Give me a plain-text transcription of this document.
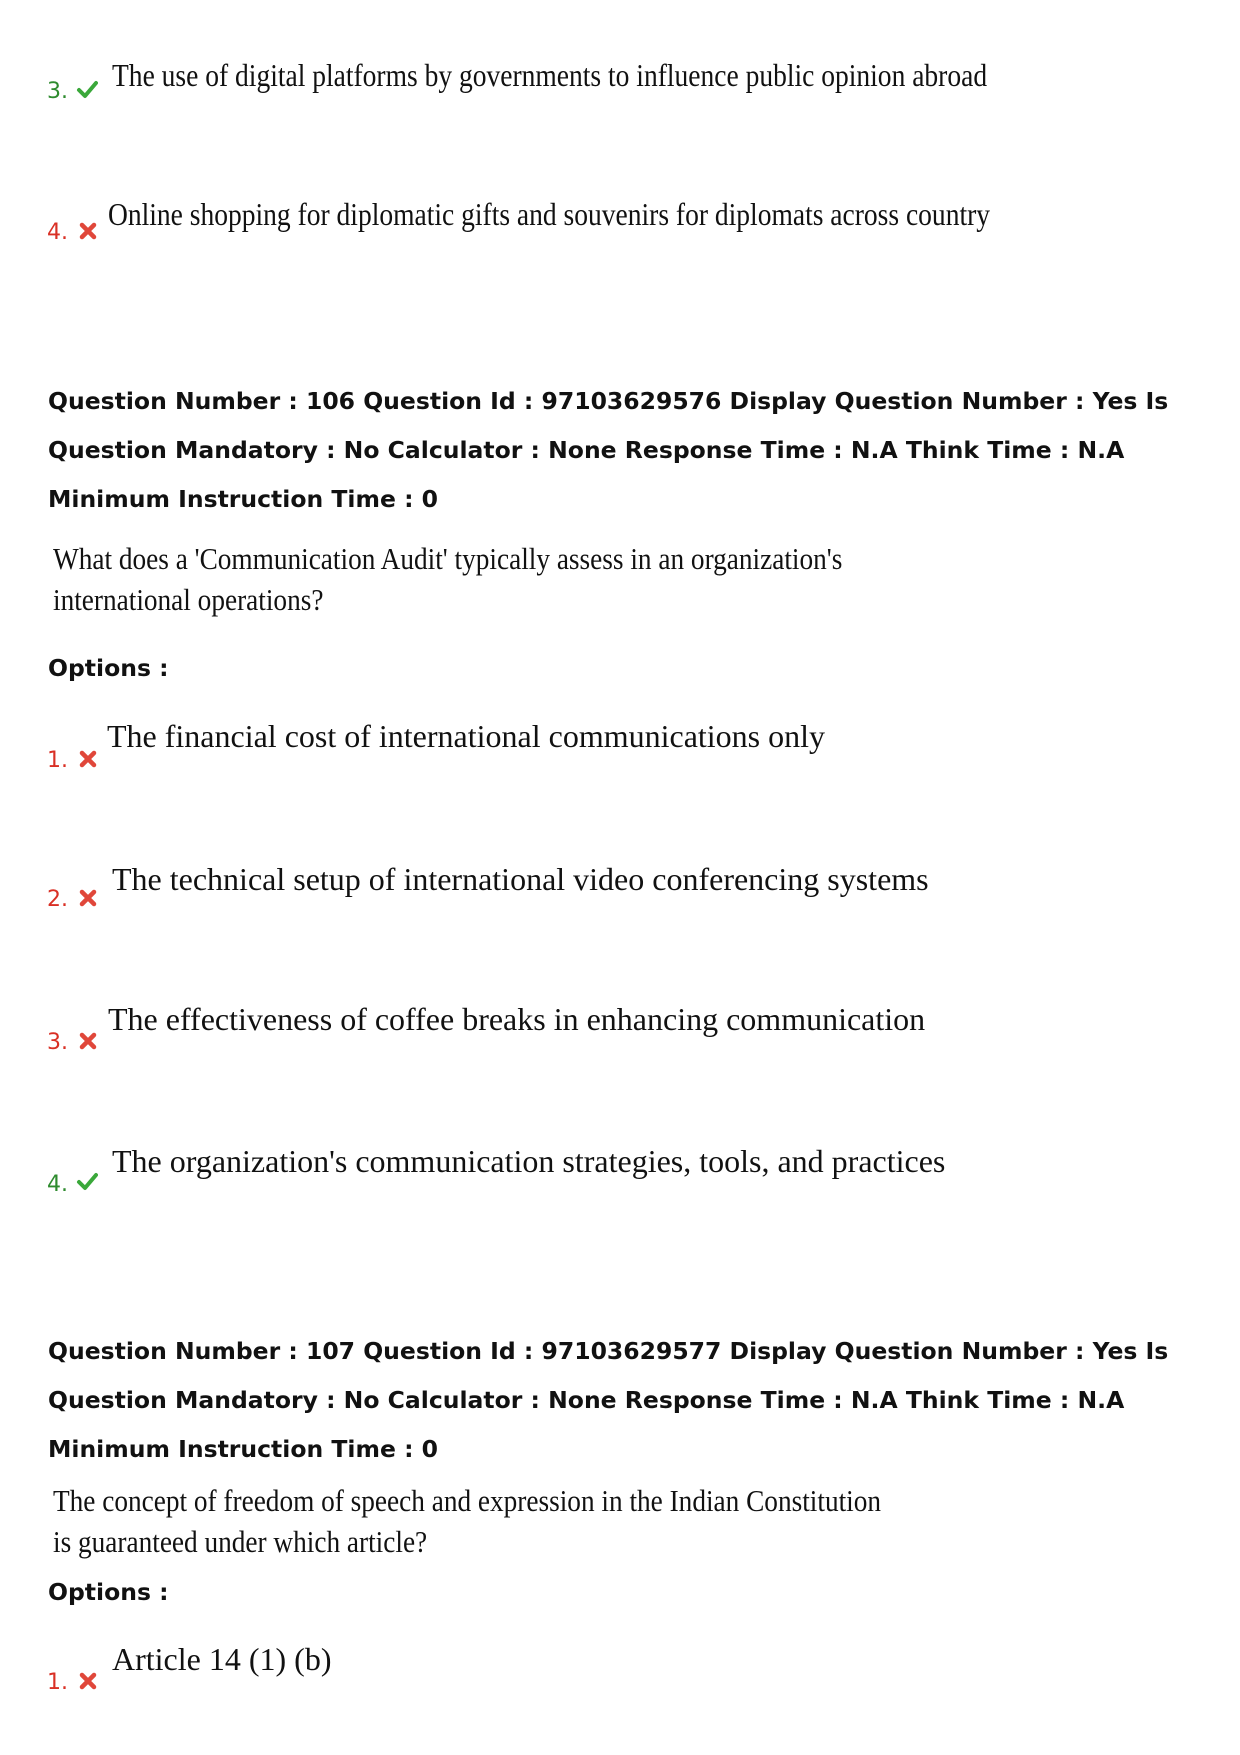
3. The use of digital platforms by governments to influence public opinion abroad
4.
Online shopping for diplomatic gifts and souvenirs for diplomats across country
Question Number : 106 Question Id : 97103629576 Display Question Number : Yes Is Question Mandatory : No Calculator : None Response Time : N.A Think Time : N.A Minimum Instruction Time : 0
What does a 'Communication Audit' typically assess in an organization's international operations?
Options :
1.
The financial cost of international communications only
2.
The technical setup of international video conferencing systems
3.
The effectiveness of coffee breaks in enhancing communication
4.
The organization's communication strategies, tools, and practices
Question Number : 107 Question Id : 97103629577 Display Question Number : Yes Is Question Mandatory : No Calculator : None Response Time : N.A Think Time : N.A Minimum Instruction Time : 0
The concept of freedom of speech and expression in the Indian Constitution is guaranteed under which article?
Options :
1.
Article 14 (1) (b)
